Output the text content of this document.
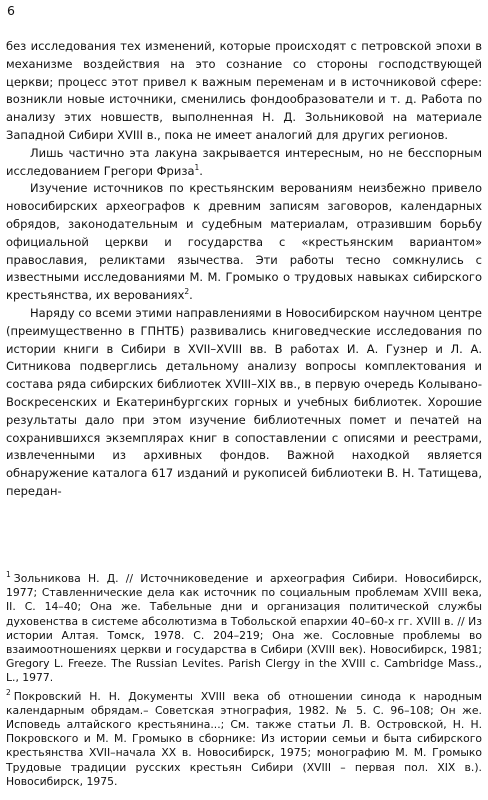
6

без исследования тех изменений, которые происходят с петровской эпохи в механизме воздействия на это сознание со стороны господствующей церкви; процесс этот привел к важным переменам и в источниковой сфере: возникли новые источники, сменились фондообразователи и т. д. Работа по анализу этих новшеств, выполненная Н. Д. Зольниковой на материале Западной Сибири XVIII в., пока не имеет аналогий для других регионов.

Лишь частично эта лакуна закрывается интересным, но не бесспорным исследованием Грегори Фриза$^1$.

Изучение источников по крестьянским верованиям неизбежно привело новосибирских археографов к древним записям заговоров, календарных обрядов, законодательным и судебным материалам, отразившим борьбу официальной церкви и государства с «крестьянским вариантом» православия, реликтами язычества. Эти работы тесно сомкнулись с известными исследованиями М. М. Громыко о трудовых навыках сибирского крестьянства, их верованиях$^2$.

Наряду со всеми этими направлениями в Новосибирском научном центре (преимущественно в ГПНТБ) развивались книговедческие исследования по истории книги в Сибири в XVII–XVIII вв. В работах И. А. Гузнер и Л. А. Ситникова подверглись детальному анализу вопросы комплектования и состава ряда сибирских библиотек XVIII–XIX вв., в первую очередь Колывано-Воскресенских и Екатеринбургских горных и учебных библиотек. Хорошие результаты дало при этом изучение библиотечных помет и печатей на сохранившихся экземплярах книг в сопоставлении с описями и реестрами, извлеченными из архивных фондов. Важной находкой является обнаружение каталога 617 изданий и рукописей библиотеки В. Н. Татищева, передан-

$^1$ Зольникова Н. Д. // Источниковедение и археография Сибири. Новосибирск, 1977; Ставленнические дела как источник по социальным проблемам XVIII века, II. С. 14–40; Она же. Табельные дни и организация политической службы духовенства в системе абсолютизма в Тобольской епархии 40–60-х гг. XVIII в. // Из истории Алтая. Томск, 1978. С. 204–219; Она же. Сословные проблемы во взаимоотношениях церкви и государства в Сибири (XVIII век). Новосибирск, 1981; Gregory L. Freeze. The Russian Levites. Parish Clergy in the XVIII c. Cambridge Mass., L., 1977.

$^2$ Покровский Н. Н. Документы XVIII века об отношении синода к народным календарным обрядам.– Советская этнография, 1982. № 5. С. 96–108; Он же. Исповедь алтайского крестьянина...; См. также статьи Л. В. Островской, Н. Н. Покровского и М. М. Громыко в сборнике: Из истории семьи и быта сибирского крестьянства XVII–начала XX в. Новосибирск, 1975; монографию М. М. Громыко Трудовые традиции русских крестьян Сибири (XVIII – первая пол. XIX в.). Новосибирск, 1975.
